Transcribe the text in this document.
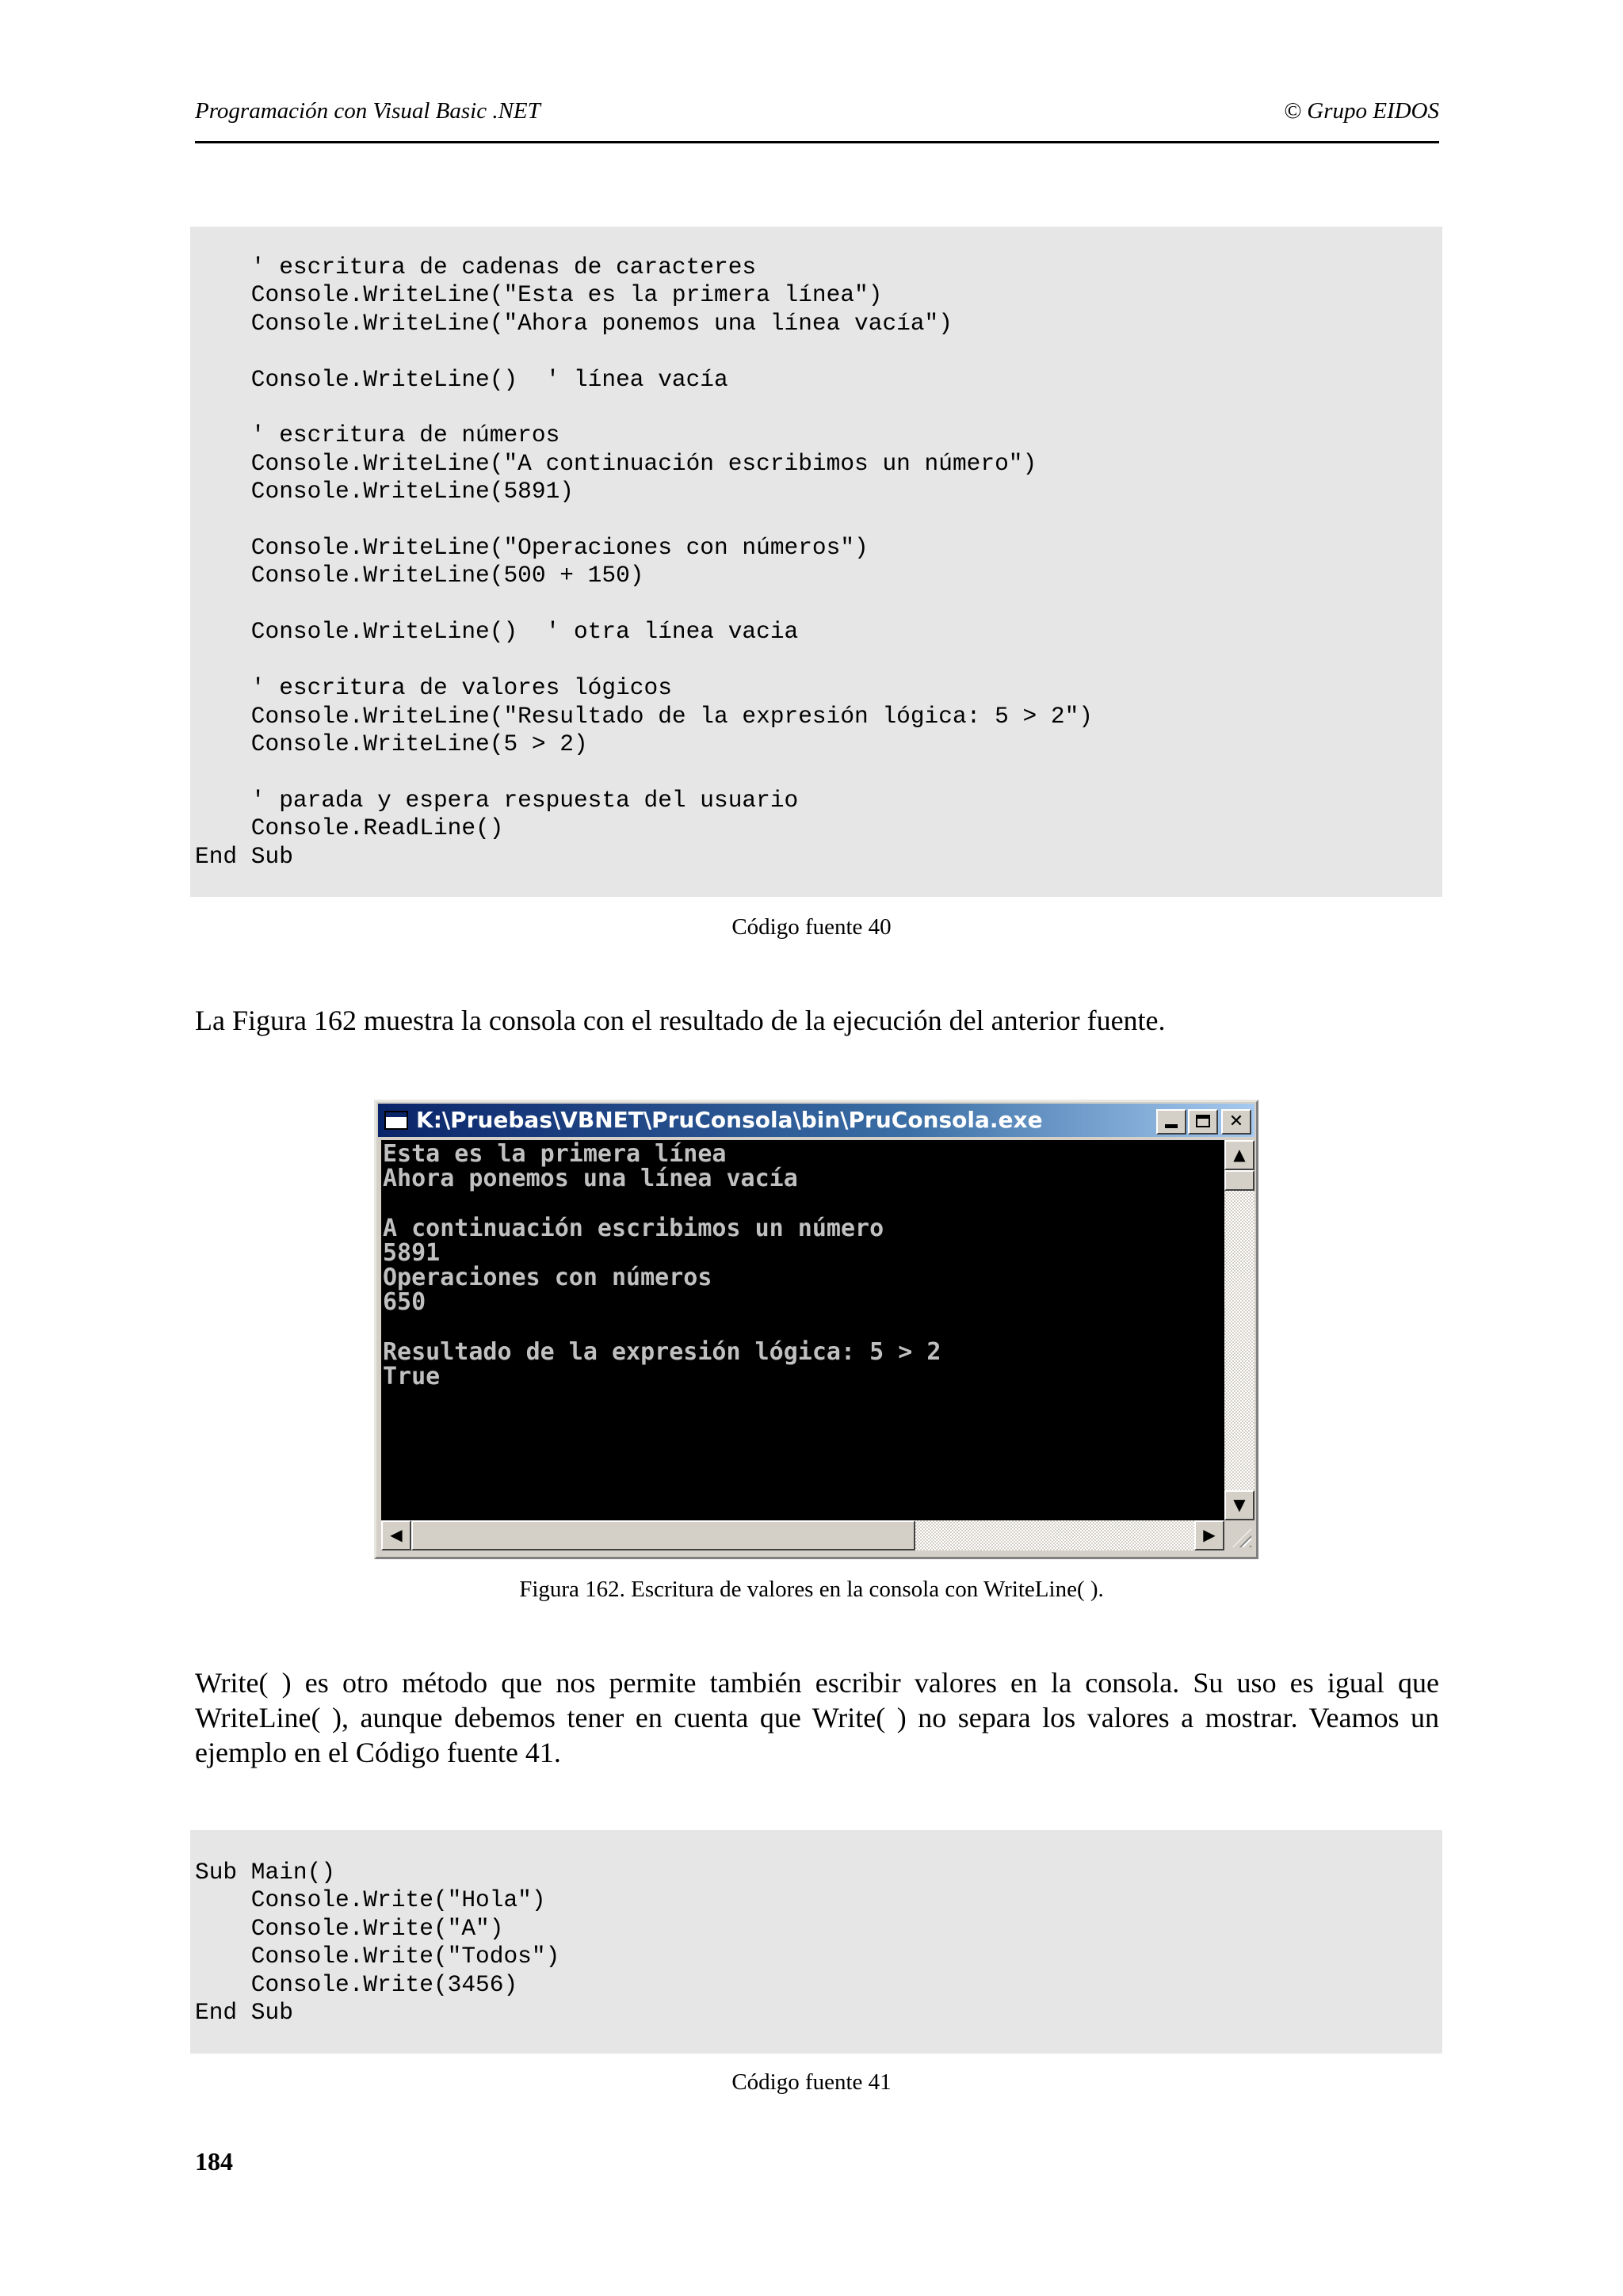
Programación con Visual Basic .NET	© Grupo EIDOS
' escritura de cadenas de caracteres
Console.WriteLine("Esta es la primera línea")
Console.WriteLine("Ahora ponemos una línea vacía")

Console.WriteLine()  ' línea vacía

' escritura de números
Console.WriteLine("A continuación escribimos un número")
Console.WriteLine(5891)

Console.WriteLine("Operaciones con números")
Console.WriteLine(500 + 150)

Console.WriteLine()  ' otra línea vacia

' escritura de valores lógicos
Console.WriteLine("Resultado de la expresión lógica: 5 > 2")
Console.WriteLine(5 > 2)

' parada y espera respuesta del usuario
Console.ReadLine()
End Sub
Código fuente 40
La Figura 162 muestra la consola con el resultado de la ejecución del anterior fuente.
K:\Pruebas\VBNET\PruConsola\bin\PruConsola.exe	✕
Esta es la primera línea
Ahora ponemos una línea vacía

A continuación escribimos un número
5891
Operaciones con números
650

Resultado de la expresión lógica: 5 > 2
True
▲
▼
◀	▶
Figura 162. Escritura de valores en la consola con WriteLine( ).
Write( ) es otro método que nos permite también escribir valores en la consola. Su uso es igual que WriteLine( ), aunque debemos tener en cuenta que Write( ) no separa los valores a mostrar. Veamos un ejemplo en el Código fuente 41.
Sub Main()
Console.Write("Hola")
Console.Write("A")
Console.Write("Todos")
Console.Write(3456)
End Sub
Código fuente 41
184
